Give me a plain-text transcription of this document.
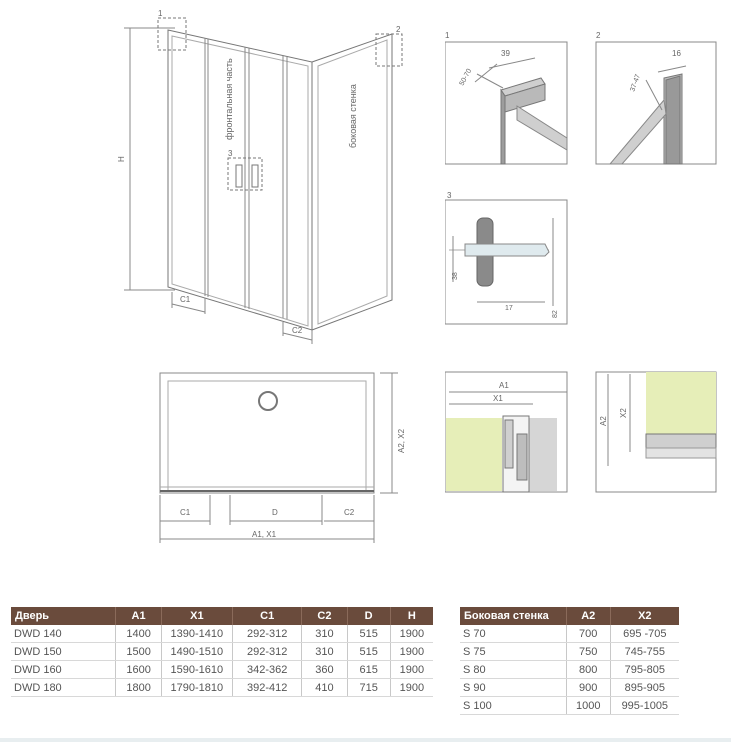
1
2
3
H
фронтальная часть	боковая стенка
C1
C2
C1	D	C2
A1, X1
A2, X2
1
39
50-70
2
16
37-47
3
38
17
82
A1
X1
A2
X2
Дверь	A1	X1	C1	C2	D	H
DWD 140	1400	1390-1410	292-312	310	515	1900
DWD 150	1500	1490-1510	292-312	310	515	1900
DWD 160	1600	1590-1610	342-362	360	615	1900
DWD 180	1800	1790-1810	392-412	410	715	1900
Боковая стенка	A2	X2
S 70	700	695 -705
S 75	750	745-755
S 80	800	795-805
S 90	900	895-905
S 100	1000	995-1005
